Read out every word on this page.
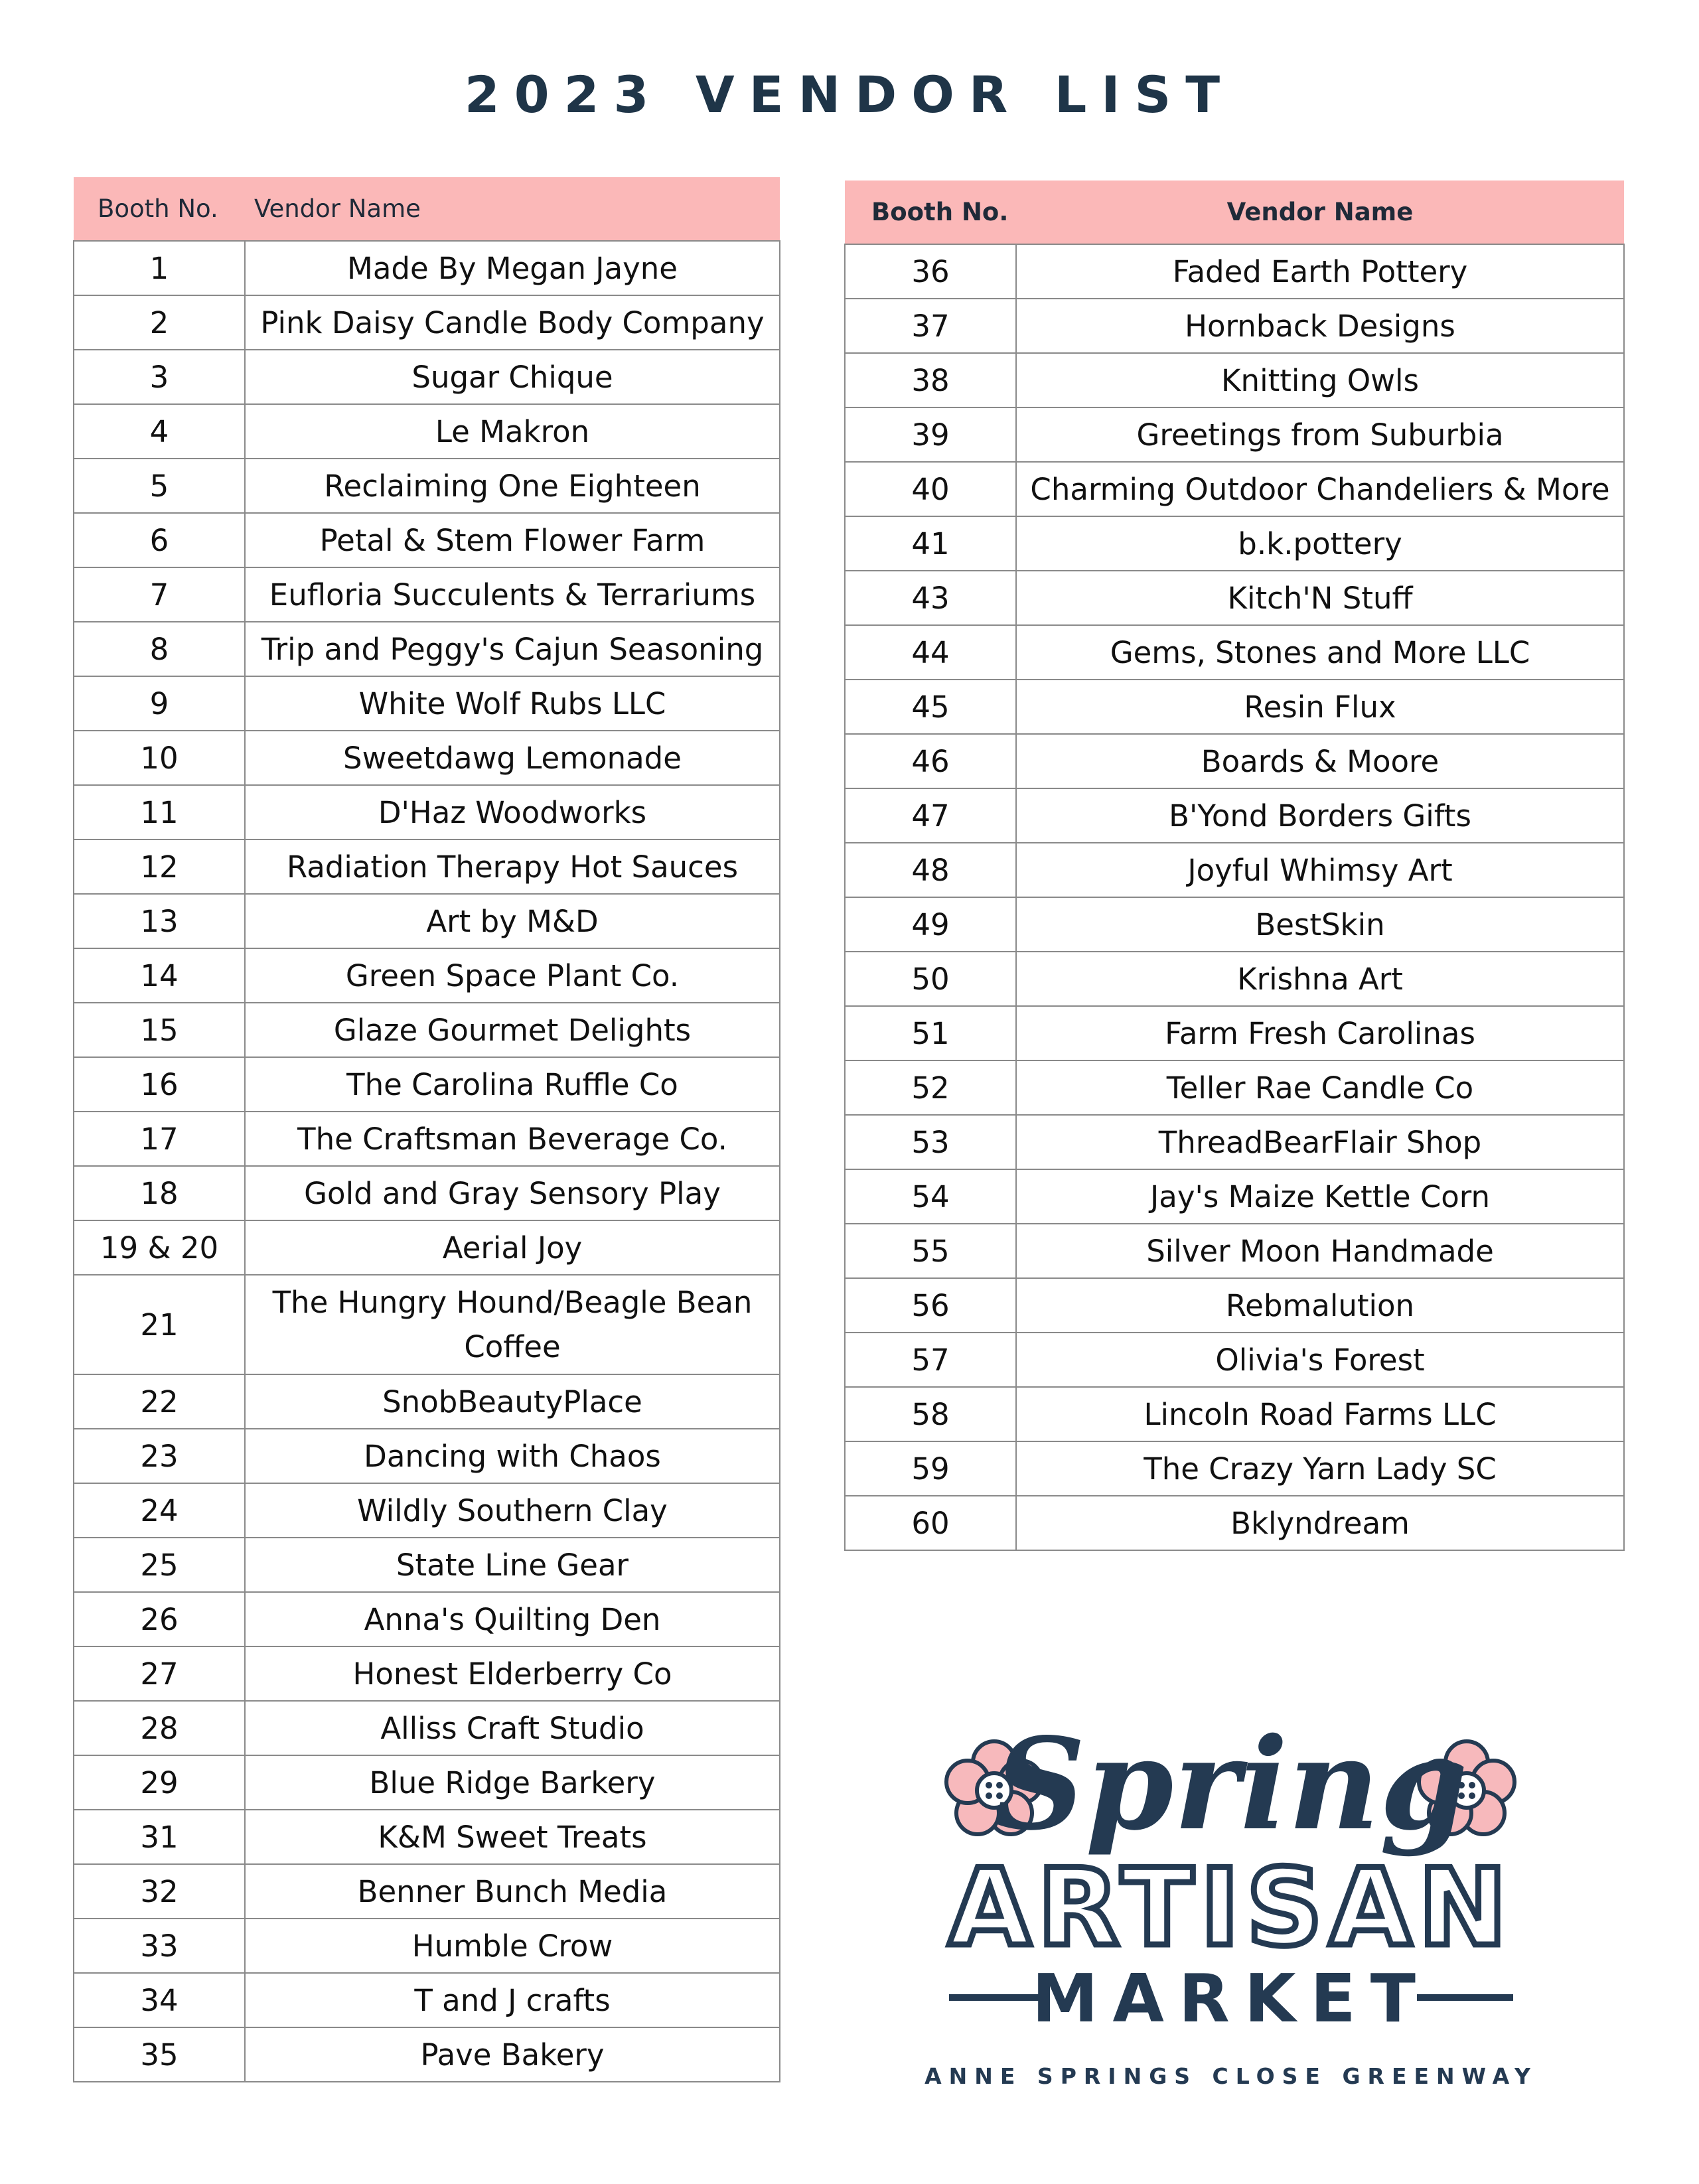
2023 VENDOR LIST
Booth No.	Vendor Name
1	Made By Megan Jayne
2	Pink Daisy Candle Body Company
3	Sugar Chique
4	Le Makron
5	Reclaiming One Eighteen
6	Petal & Stem Flower Farm
7	Eufloria Succulents & Terrariums
8	Trip and Peggy's Cajun Seasoning
9	White Wolf Rubs LLC
10	Sweetdawg Lemonade
11	D'Haz Woodworks
12	Radiation Therapy Hot Sauces
13	Art by M&D
14	Green Space Plant Co.
15	Glaze Gourmet Delights
16	The Carolina Ruffle Co
17	The Craftsman Beverage Co.
18	Gold and Gray Sensory Play
19 & 20	Aerial Joy
21	The Hungry Hound/Beagle Bean Coffee
22	SnobBeautyPlace
23	Dancing with Chaos
24	Wildly Southern Clay
25	State Line Gear
26	Anna's Quilting Den
27	Honest Elderberry Co
28	Alliss Craft Studio
29	Blue Ridge Barkery
31	K&M Sweet Treats
32	Benner Bunch Media
33	Humble Crow
34	T and J crafts
35	Pave Bakery
Booth No.	Vendor Name
36	Faded Earth Pottery
37	Hornback Designs
38	Knitting Owls
39	Greetings from Suburbia
40	Charming Outdoor Chandeliers & More
41	b.k.pottery
43	Kitch'N Stuff
44	Gems, Stones and More LLC
45	Resin Flux
46	Boards & Moore
47	B'Yond Borders Gifts
48	Joyful Whimsy Art
49	BestSkin
50	Krishna Art
51	Farm Fresh Carolinas
52	Teller Rae Candle Co
53	ThreadBearFlair Shop
54	Jay's Maize Kettle Corn
55	Silver Moon Handmade
56	Rebmalution
57	Olivia's Forest
58	Lincoln Road Farms LLC
59	The Crazy Yarn Lady SC
60	Bklyndream
Spring
ARTISAN
MARKET
ANNE SPRINGS CLOSE GREENWAY
